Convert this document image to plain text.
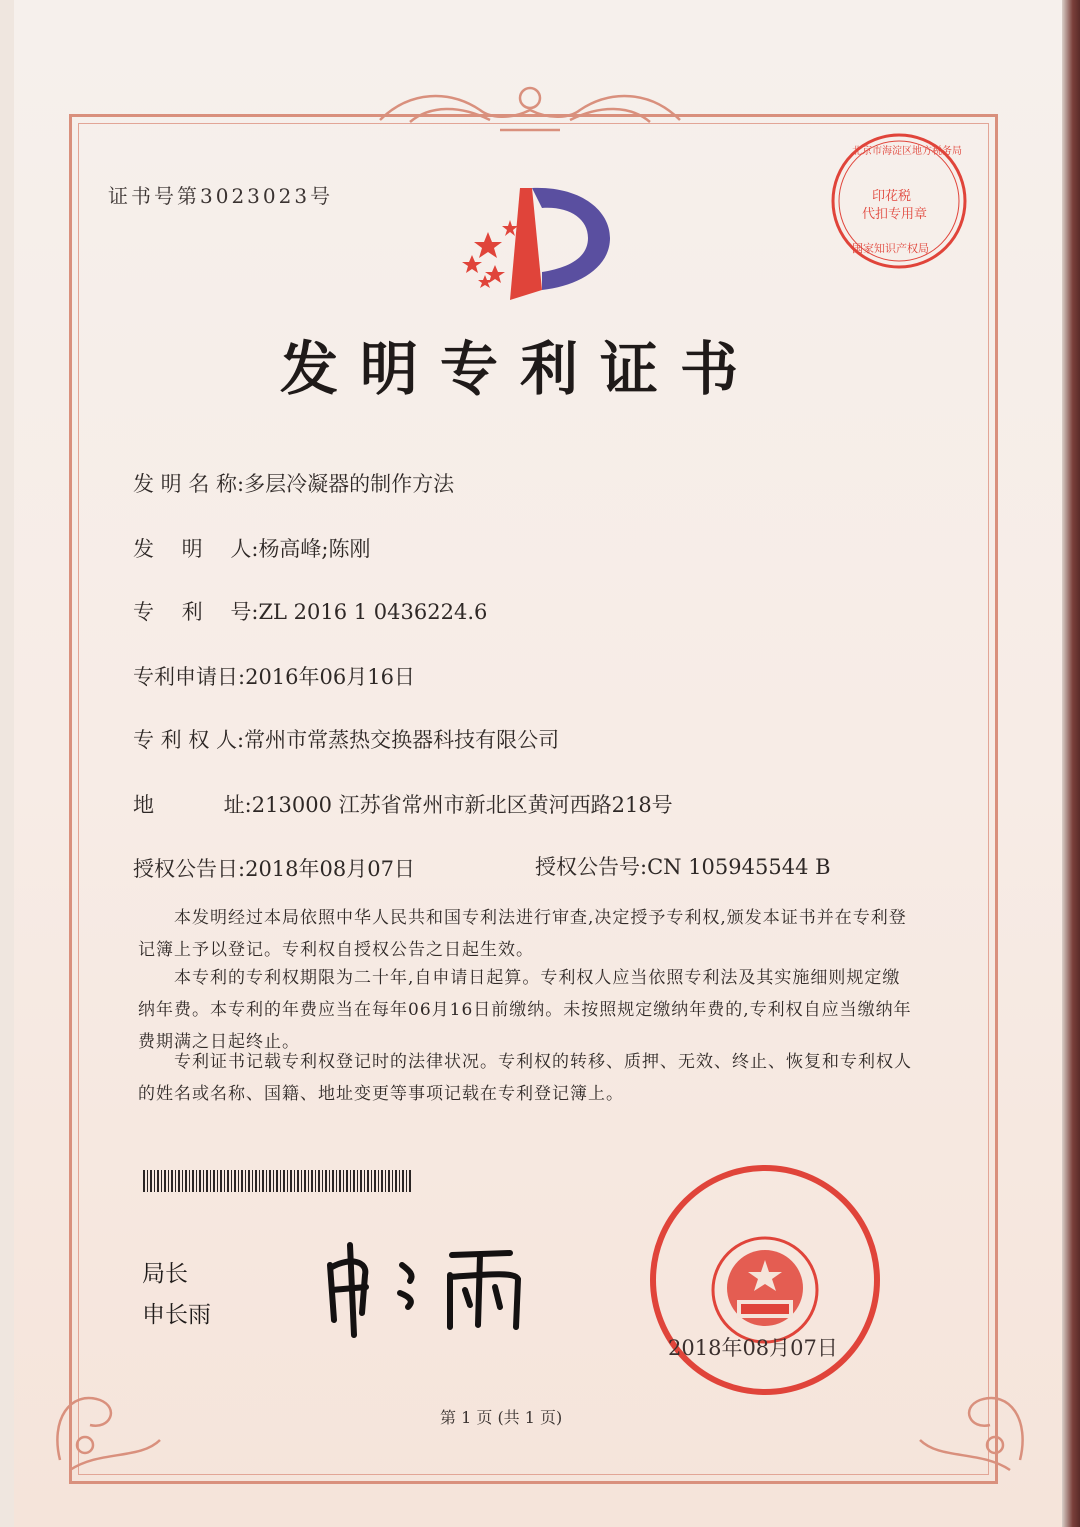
证书号第3023023号	印花税
代扣专用章
北京市海淀区地方税务局
国家知识产权局
发明专利证书
发 明 名 称:多层冷凝器的制作方法
发　 明　 人:杨高峰;陈刚
专　 利　 号:ZL 2016 1 0436224.6
专利申请日:2016年06月16日
专 利 权 人:常州市常蒸热交换器科技有限公司
地　　　 址:213000 江苏省常州市新北区黄河西路218号
授权公告日:2018年08月07日	授权公告号:CN 105945544 B
本发明经过本局依照中华人民共和国专利法进行审查,决定授予专利权,颁发本证书并在专利登记簿上予以登记。专利权自授权公告之日起生效。
本专利的专利权期限为二十年,自申请日起算。专利权人应当依照专利法及其实施细则规定缴纳年费。本专利的年费应当在每年06月16日前缴纳。未按照规定缴纳年费的,专利权自应当缴纳年费期满之日起终止。
专利证书记载专利权登记时的法律状况。专利权的转移、质押、无效、终止、恢复和专利权人的姓名或名称、国籍、地址变更等事项记载在专利登记簿上。
局长
申长雨
2018年08月07日
第 1 页 (共 1 页)
